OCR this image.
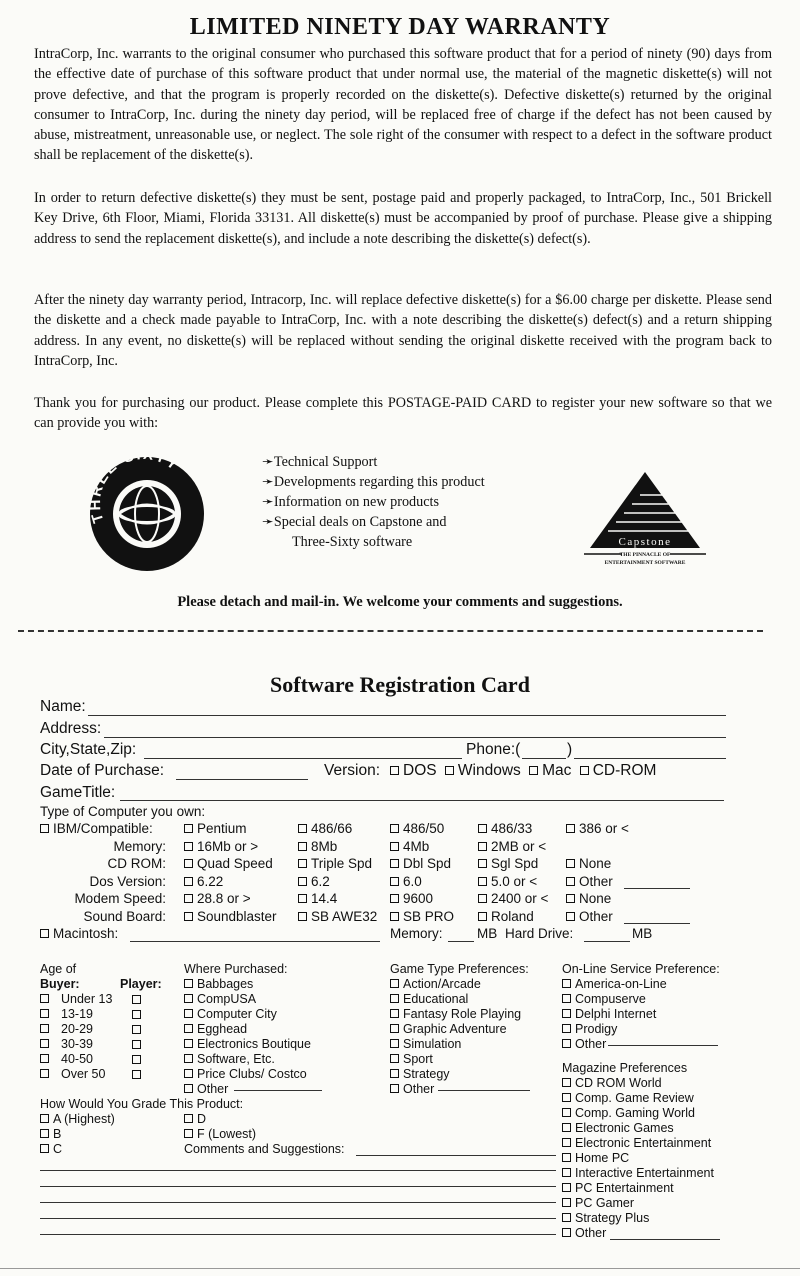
LIMITED NINETY DAY WARRANTY
IntraCorp, Inc. warrants to the original consumer who purchased this software product that for a period of ninety (90) days from the effective date of purchase of this software product that under normal use, the material of the magnetic diskette(s) will not prove defective, and that the program is properly recorded on the diskette(s). Defective diskette(s) returned by the original consumer to IntraCorp, Inc. during the ninety day period, will be replaced free of charge if the defect has not been caused by abuse, mistreatment, unreasonable use, or neglect. The sole right of the consumer with respect to a defect in the software product shall be replacement of the diskette(s).
In order to return defective diskette(s) they must be sent, postage paid and properly packaged, to IntraCorp, Inc., 501 Brickell Key Drive, 6th Floor, Miami, Florida 33131. All diskette(s) must be accompanied by proof of purchase. Please give a shipping address to send the replacement diskette(s), and include a note describing the diskette(s) defect(s).
After the ninety day warranty period, Intracorp, Inc. will replace defective diskette(s) for a $6.00 charge per diskette. Please send the diskette and a check made payable to IntraCorp, Inc. with a note describing the diskette(s) defect(s) and a return shipping address. In any event, no diskette(s) will be replaced without sending the original diskette received with the program back to IntraCorp, Inc.
Thank you for purchasing our product. Please complete this POSTAGE-PAID CARD to register your new software so that we can provide you with:
THREE-S TY	➛Technical Support
➛Developments regarding this product
➛Information on new products
➛Special deals on Capstone and
Three-Sixty software	Capstone
THE PINNACLE OF
ENTERTAINMENT SOFTWARE
Please detach and mail-in. We welcome your comments and suggestions.
Software Registration Card
Name:
Address:
City,State,Zip:	Phone:(	)
Date of Purchase:	Version:	DOS Windows Mac CD-ROM
GameTitle:
Type of Computer you own:
IBM/Compatible:	Pentium	486/66	486/50	486/33	386 or <
Memory:	16Mb or >	8Mb	4Mb	2MB or <
CD ROM:	Quad Speed	Triple Spd	Dbl Spd	Sgl Spd	None
Dos Version:	6.22	6.2	6.0	5.0 or <	Other
Modem Speed:	28.8 or >	14.4	9600	2400 or <	None
Sound Board:	Soundblaster	SB AWE32	SB PRO	Roland	Other
Macintosh:	Memory:	MB Hard Drive:	MB
Age of
Buyer:	Player:
Under 13
13-19
20-29
30-39
40-50
Over 50
Where Purchased:
Babbages
CompUSA
Computer City
Egghead
Electronics Boutique
Software, Etc.
Price Clubs/ Costco
Other
Game Type Preferences:
Action/Arcade
Educational
Fantasy Role Playing
Graphic Adventure
Simulation
Sport
Strategy
Other
On-Line Service Preference:
America-on-Line
Compuserve
Delphi Internet
Prodigy
Other
Magazine Preferences
CD ROM World
Comp. Game Review
Comp. Gaming World
Electronic Games
Electronic Entertainment
Home PC
Interactive Entertainment
PC Entertainment
PC Gamer
Strategy Plus
Other
How Would You Grade This Product:
A (Highest)
B
C
D
F (Lowest)
Comments and Suggestions:
